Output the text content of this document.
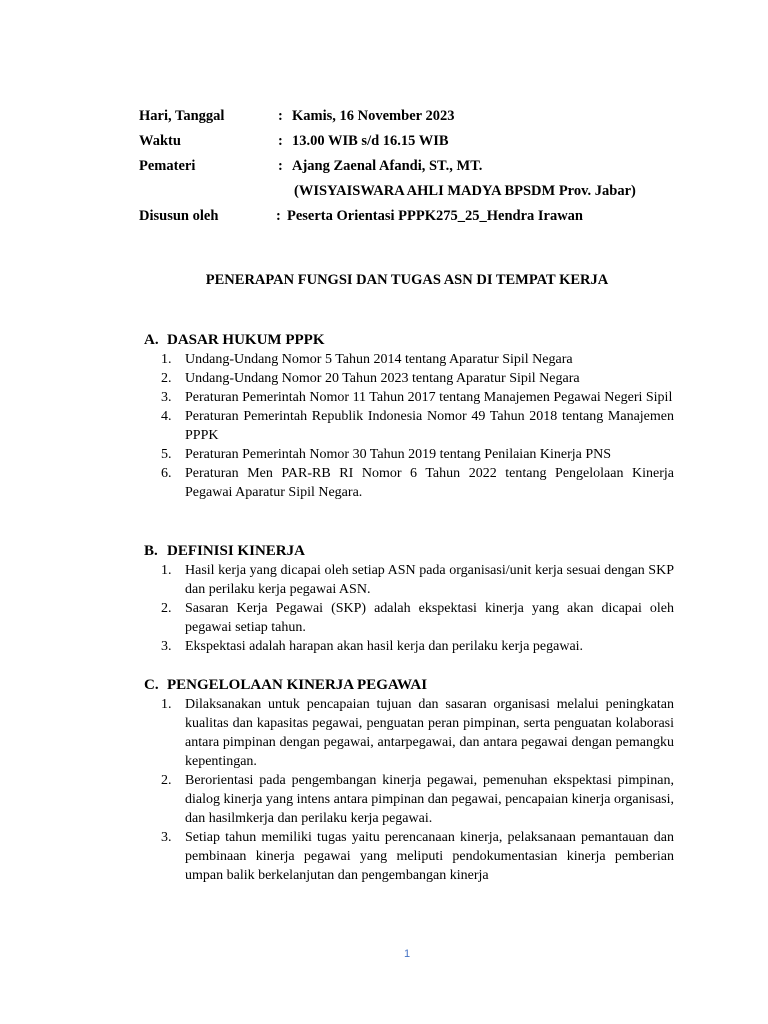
Hari, Tanggal	: Kamis, 16 November 2023
Waktu	: 13.00 WIB s/d 16.15 WIB
Pemateri	: Ajang Zaenal Afandi, ST., MT.
(WISYAISWARA AHLI MADYA BPSDM Prov. Jabar)
Disusun oleh	: Peserta Orientasi PPPK275_25_Hendra Irawan
PENERAPAN FUNGSI DAN TUGAS ASN DI TEMPAT KERJA
A. DASAR HUKUM PPPK
1. Undang-Undang Nomor 5 Tahun 2014 tentang Aparatur Sipil Negara
2. Undang-Undang Nomor 20 Tahun 2023 tentang Aparatur Sipil Negara
3. Peraturan Pemerintah Nomor 11 Tahun 2017 tentang Manajemen Pegawai Negeri Sipil
4. Peraturan Pemerintah Republik Indonesia Nomor 49 Tahun 2018 tentang Manajemen PPPK
5. Peraturan Pemerintah Nomor 30 Tahun 2019 tentang Penilaian Kinerja PNS
6. Peraturan Men PAR-RB RI Nomor 6 Tahun 2022 tentang Pengelolaan Kinerja Pegawai Aparatur Sipil Negara.
B. DEFINISI KINERJA
1. Hasil kerja yang dicapai oleh setiap ASN pada organisasi/unit kerja sesuai dengan SKP dan perilaku kerja pegawai ASN.
2. Sasaran Kerja Pegawai (SKP) adalah ekspektasi kinerja yang akan dicapai oleh pegawai setiap tahun.
3. Ekspektasi adalah harapan akan hasil kerja dan perilaku kerja pegawai.
C. PENGELOLAAN KINERJA PEGAWAI
1. Dilaksanakan untuk pencapaian tujuan dan sasaran organisasi melalui peningkatan kualitas dan kapasitas pegawai, penguatan peran pimpinan, serta penguatan kolaborasi antara pimpinan dengan pegawai, antarpegawai, dan antara pegawai dengan pemangku kepentingan.
2. Berorientasi pada pengembangan kinerja pegawai, pemenuhan ekspektasi pimpinan, dialog kinerja yang intens antara pimpinan dan pegawai, pencapaian kinerja organisasi, dan hasilmkerja dan perilaku kerja pegawai.
3. Setiap tahun memiliki tugas yaitu perencanaan kinerja, pelaksanaan pemantauan dan pembinaan kinerja pegawai yang meliputi pendokumentasian kinerja pemberian umpan balik berkelanjutan dan pengembangan kinerja
1
